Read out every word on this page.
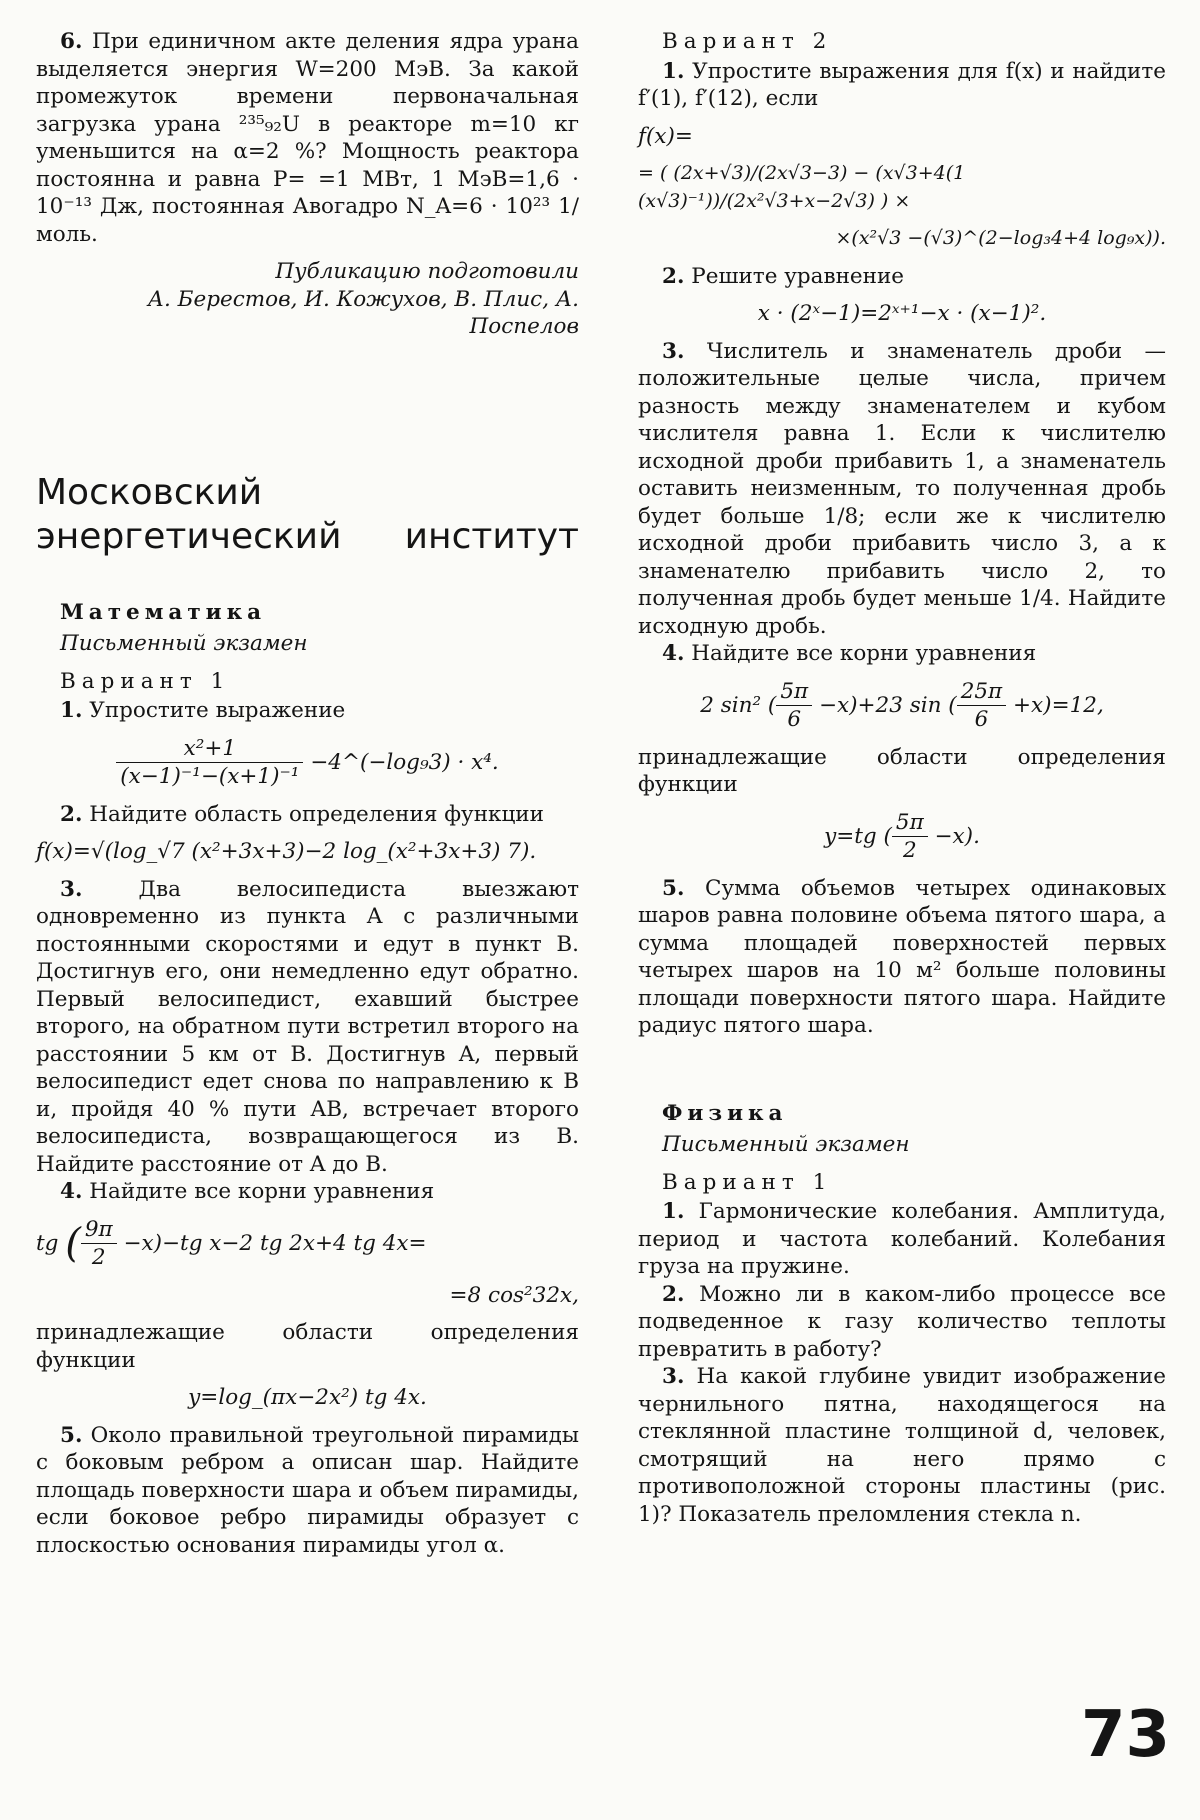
6. При единичном акте деления ядра урана выделяется энергия W=200 МэВ. За какой промежуток времени первоначальная загрузка урана ²³⁵₉₂U в реакторе m=10 кг уменьшится на α=2 %? Мощность реактора постоянна и равна P= =1 МВт, 1 МэВ=1,6 · 10⁻¹³ Дж, постоянная Авогадро N_A=6 · 10²³ 1/моль.

Публикацию подготовили

А. Берестов, И. Кожухов, В. Плис, А. Поспелов

Московский

энергетический институт

Математика

Письменный экзамен

Вариант 1

1. Упростите выражение

$\frac{\text{x²+1}}{\text{(x−1)⁻¹−(x+1)⁻¹}}$ −4^(−log₉3) · x⁴.

2. Найдите область определения функции

f(x)=√(log_√7 (x²+3x+3)−2 log_(x²+3x+3) 7).

3.	Два велосипедиста выезжают одновременно из пункта A с различными постоянными скоростями и едут в пункт B. Достигнув его, они немедленно едут обратно. Первый велосипедист, ехавший быстрее второго, на обратном пути встретил второго на расстоянии 5 км от B. Достигнув A, первый велосипедист едет снова по направлению к B и, пройдя 40 % пути AB, встречает второго велосипедиста, возвращающегося из B. Найдите расстояние от A до B.

4. Найдите все корни уравнения

tg ( $\frac{9\pi}{2} -x)-tg$ x−2 tg 2x+4 tg 4x=
=8 cos²32x,

принадлежащие области определения функции

y=log_(πx−2x²) tg 4x.

5. Около правильной треугольной пирамиды с боковым ребром a описан шар. Найдите площадь поверхности шара и объем пирамиды, если боковое ребро пирамиды образует с плоскостью основания пирамиды угол α.

Вариант 2

1. Упростите выражения для f(x) и найдите f′(1), f′(12), если

f(x)=
= ( (2x+√3)/(2x√3−3) − (x√3+4(1 (x√3)⁻¹))/(2x²√3+x−2√3) ) ×
×(x²√3 −(√3)^(2−log₃4+4 log₉x)).

2. Решите уравнение

x · (2ˣ−1)=2ˣ⁺¹−x · (x−1)².

3. Числитель и знаменатель дроби — положительные целые числа, причем разность между знаменателем и кубом числителя равна 1. Если к числителю исходной дроби прибавить 1, а знаменатель оставить неизменным, то полученная дробь будет больше 1/8; если же к числителю исходной дроби прибавить число 3, а к знаменателю прибавить число 2, то полученная дробь будет меньше 1/4. Найдите исходную дробь.

4. Найдите все корни уравнения

2 sin² ( $\frac{5\pi}{6} -x)+23$ sin ( $\frac{25\pi}{6} +x)=12$,

принадлежащие области определения функции

y=tg ( $\frac{5\pi}{2} -x$).

5. Сумма объемов четырех одинаковых шаров равна половине объема пятого шара, а сумма площадей поверхностей первых четырех шаров на 10 м² больше половины площади поверхности пятого шара. Найдите радиус пятого шара.

Физика

Письменный экзамен

Вариант 1

1. Гармонические колебания. Амплитуда, период и частота колебаний. Колебания груза на пружине.

2. Можно ли в каком-либо процессе все подведенное к газу количество теплоты превратить в работу?

3. На какой глубине увидит изображение чернильного пятна, находящегося на стеклянной пластине толщиной d, человек, смотрящий на него прямо с противоположной стороны пластины (рис. 1)? Показатель преломления стекла n.

73
